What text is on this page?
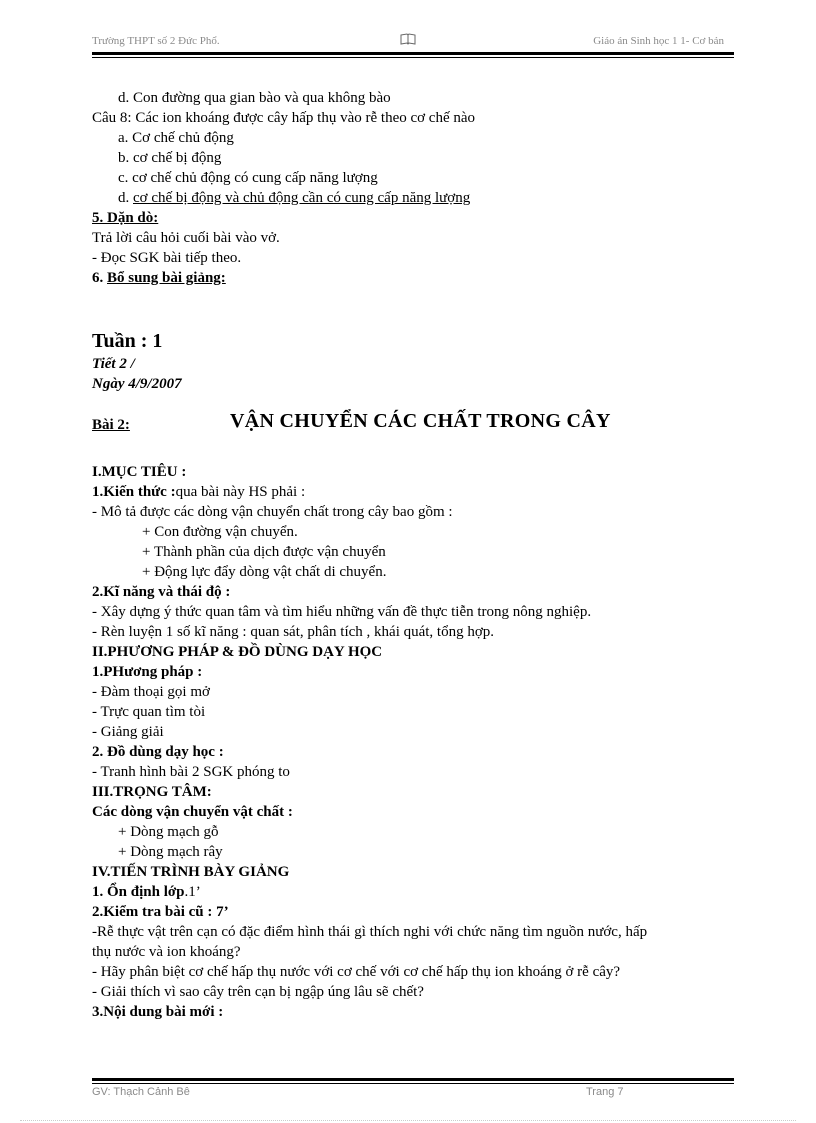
Trường THPT số 2 Đức Phổ.	Giáo án Sinh học 1 1- Cơ bản
d. Con đường qua gian bào và qua không bào
Câu 8: Các ion khoáng được cây hấp thụ vào rễ theo cơ chế nào
a. Cơ chế chủ động
b. cơ chế bị động
c. cơ chế chủ động có cung cấp năng lượng
d. cơ chế bị động và chủ động cần có cung cấp năng lượng
5. Dặn dò:
Trả lời câu hỏi cuối bài vào vở.
- Đọc SGK bài tiếp theo.
6. Bổ sung bài giảng:
Tuần : 1
Tiết 2 /
Ngày 4/9/2007
Bài 2:	VẬN CHUYỂN CÁC CHẤT TRONG CÂY
I.MỤC TIÊU :
1.Kiến thức :qua bài này HS phải :
- Mô tả được các dòng vận chuyển chất trong cây bao gồm :
+ Con đường vận chuyển.
+ Thành phần của dịch được vận chuyển
+ Động lực đẩy dòng vật chất di chuyển.
2.Kĩ năng và thái độ :
- Xây dựng ý thức quan tâm và tìm hiểu những vấn đề thực tiễn trong nông nghiệp.
- Rèn luyện 1 số kĩ năng : quan sát, phân tích , khái quát, tổng hợp.
II.PHƯƠNG PHÁP & ĐỒ DÙNG DẠY HỌC
1.PHương pháp :
- Đàm thoại gọi mở
- Trực quan tìm tòi
- Giảng giải
2. Đồ dùng dạy học :
- Tranh hình bài 2 SGK phóng to
III.TRỌNG TÂM:
Các dòng vận chuyển vật chất :
+ Dòng mạch gỗ
+ Dòng mạch rây
IV.TIẾN TRÌNH BÀY GIẢNG
1. Ổn định lớp.1’
2.Kiểm tra bài cũ : 7’
-Rễ thực vật trên cạn có đặc điểm hình thái gì thích nghi với chức năng tìm nguồn nước, hấp
thụ nước và ion khoáng?
- Hãy phân biệt cơ chế hấp thụ nước với cơ chế với cơ chế hấp thụ ion khoáng ở rễ cây?
- Giải thích vì sao cây trên cạn bị ngập úng lâu sẽ chết?
3.Nội dung bài mới :
GV: Thạch Cảnh Bê	Trang 7
